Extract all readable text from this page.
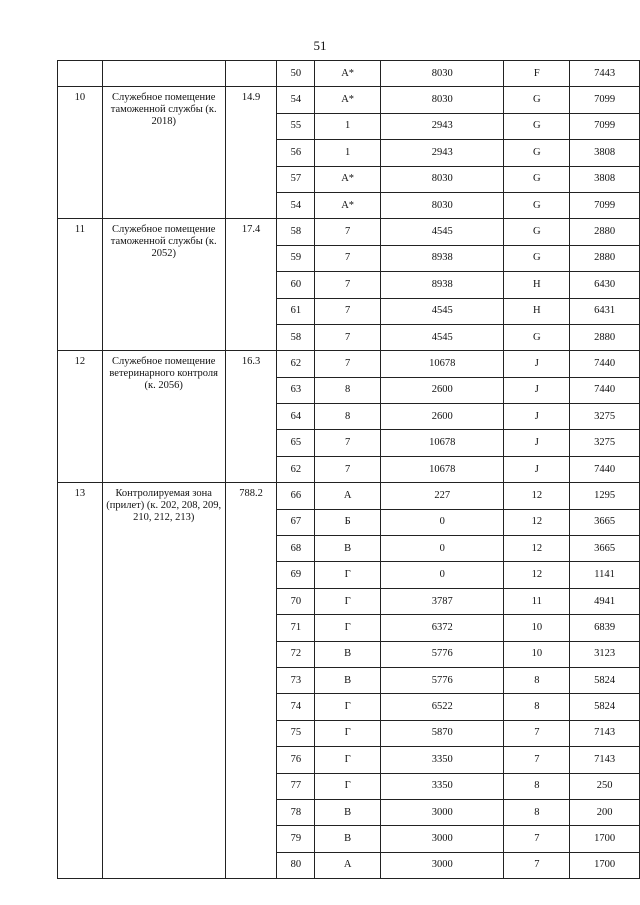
51
			50	А*	8030	F	7443
10	Служебное помещение таможенной службы (к. 2018)	14.9	54	А*	8030	G	7099
			55	1	2943	G	7099
			56	1	2943	G	3808
			57	А*	8030	G	3808
			54	А*	8030	G	7099
11	Служебное помещение таможенной службы (к. 2052)	17.4	58	7	4545	G	2880
			59	7	8938	G	2880
			60	7	8938	H	6430
			61	7	4545	H	6431
			58	7	4545	G	2880
12	Служебное помещение ветеринарного контроля (к. 2056)	16.3	62	7	10678	J	7440
			63	8	2600	J	7440
			64	8	2600	J	3275
			65	7	10678	J	3275
			62	7	10678	J	7440
13	Контролируемая зона (прилет) (к. 202, 208, 209, 210, 212, 213)	788.2	66	А	227	12	1295
			67	Б	0	12	3665
			68	В	0	12	3665
			69	Г	0	12	1141
			70	Г	3787	11	4941
			71	Г	6372	10	6839
			72	В	5776	10	3123
			73	В	5776	8	5824
			74	Г	6522	8	5824
			75	Г	5870	7	7143
			76	Г	3350	7	7143
			77	Г	3350	8	250
			78	В	3000	8	200
			79	В	3000	7	1700
			80	А	3000	7	1700
